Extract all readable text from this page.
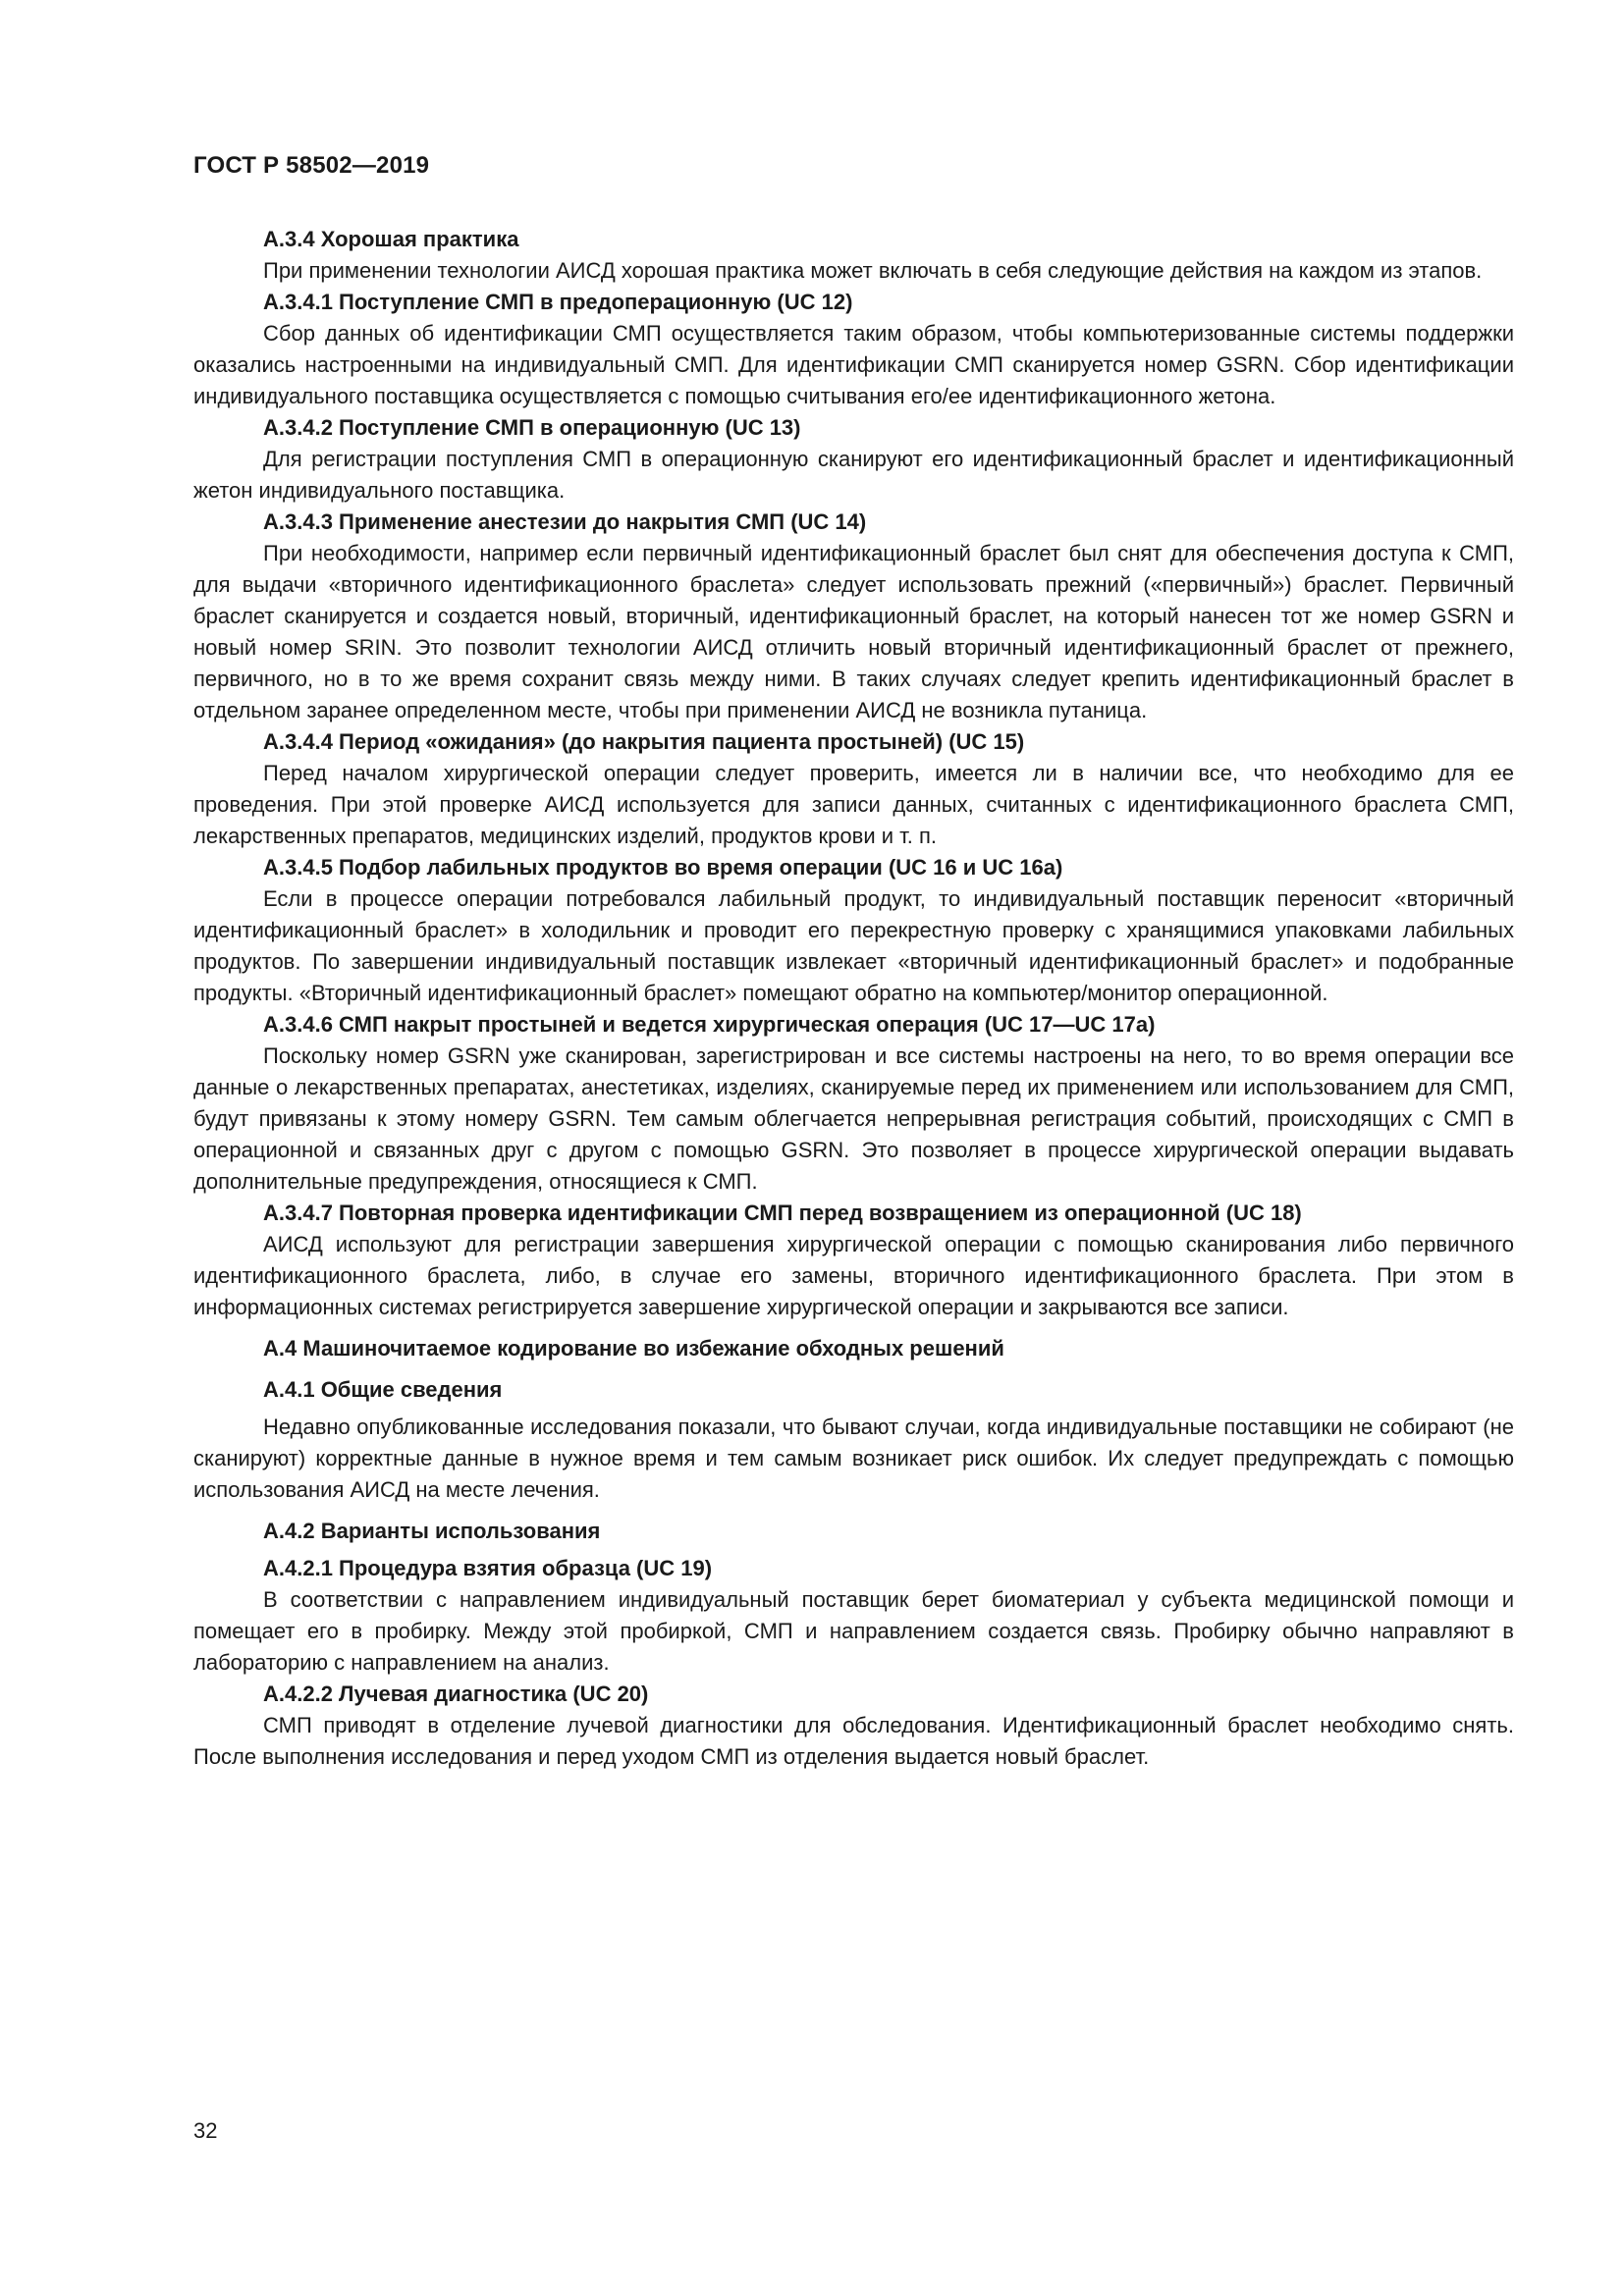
ГОСТ Р 58502—2019

А.3.4 Хорошая практика

При применении технологии АИСД хорошая практика может включать в себя следующие действия на каждом из этапов.

А.3.4.1 Поступление СМП в предоперационную (UC 12)

Сбор данных об идентификации СМП осуществляется таким образом, чтобы компьютеризованные системы поддержки оказались настроенными на индивидуальный СМП. Для идентификации СМП сканируется номер GSRN. Сбор идентификации индивидуального поставщика осуществляется с помощью считывания его/ее идентификационного жетона.

А.3.4.2 Поступление СМП в операционную (UC 13)

Для регистрации поступления СМП в операционную сканируют его идентификационный браслет и идентификационный жетон индивидуального поставщика.

А.3.4.3 Применение анестезии до накрытия СМП (UC 14)

При необходимости, например если первичный идентификационный браслет был снят для обеспечения доступа к СМП, для выдачи «вторичного идентификационного браслета» следует использовать прежний («первичный») браслет. Первичный браслет сканируется и создается новый, вторичный, идентификационный браслет, на который нанесен тот же номер GSRN и новый номер SRIN. Это позволит технологии АИСД отличить новый вторичный идентификационный браслет от прежнего, первичного, но в то же время сохранит связь между ними. В таких случаях следует крепить идентификационный браслет в отдельном заранее определенном месте, чтобы при применении АИСД не возникла путаница.

А.3.4.4 Период «ожидания» (до накрытия пациента простыней) (UC 15)

Перед началом хирургической операции следует проверить, имеется ли в наличии все, что необходимо для ее проведения. При этой проверке АИСД используется для записи данных, считанных с идентификационного браслета СМП, лекарственных препаратов, медицинских изделий, продуктов крови и т. п.

А.3.4.5 Подбор лабильных продуктов во время операции (UC 16 и UC 16a)

Если в процессе операции потребовался лабильный продукт, то индивидуальный поставщик переносит «вторичный идентификационный браслет» в холодильник и проводит его перекрестную проверку с хранящимися упаковками лабильных продуктов. По завершении индивидуальный поставщик извлекает «вторичный идентификационный браслет» и подобранные продукты. «Вторичный идентификационный браслет» помещают обратно на компьютер/монитор операционной.

А.3.4.6 СМП накрыт простыней и ведется хирургическая операция (UC 17—UC 17a)

Поскольку номер GSRN уже сканирован, зарегистрирован и все системы настроены на него, то во время операции все данные о лекарственных препаратах, анестетиках, изделиях, сканируемые перед их применением или использованием для СМП, будут привязаны к этому номеру GSRN. Тем самым облегчается непрерывная регистрация событий, происходящих с СМП в операционной и связанных друг с другом с помощью GSRN. Это позволяет в процессе хирургической операции выдавать дополнительные предупреждения, относящиеся к СМП.

А.3.4.7 Повторная проверка идентификации СМП перед возвращением из операционной (UC 18)

АИСД используют для регистрации завершения хирургической операции с помощью сканирования либо первичного идентификационного браслета, либо, в случае его замены, вторичного идентификационного браслета. При этом в информационных системах регистрируется завершение хирургической операции и закрываются все записи.

А.4 Машиночитаемое кодирование во избежание обходных решений

А.4.1 Общие сведения

Недавно опубликованные исследования показали, что бывают случаи, когда индивидуальные поставщики не собирают (не сканируют) корректные данные в нужное время и тем самым возникает риск ошибок. Их следует предупреждать с помощью использования АИСД на месте лечения.

А.4.2 Варианты использования

А.4.2.1 Процедура взятия образца (UC 19)

В соответствии с направлением индивидуальный поставщик берет биоматериал у субъекта медицинской помощи и помещает его в пробирку. Между этой пробиркой, СМП и направлением создается связь. Пробирку обычно направляют в лабораторию с направлением на анализ.

А.4.2.2 Лучевая диагностика (UC 20)

СМП приводят в отделение лучевой диагностики для обследования. Идентификационный браслет необходимо снять. После выполнения исследования и перед уходом СМП из отделения выдается новый браслет.

32
